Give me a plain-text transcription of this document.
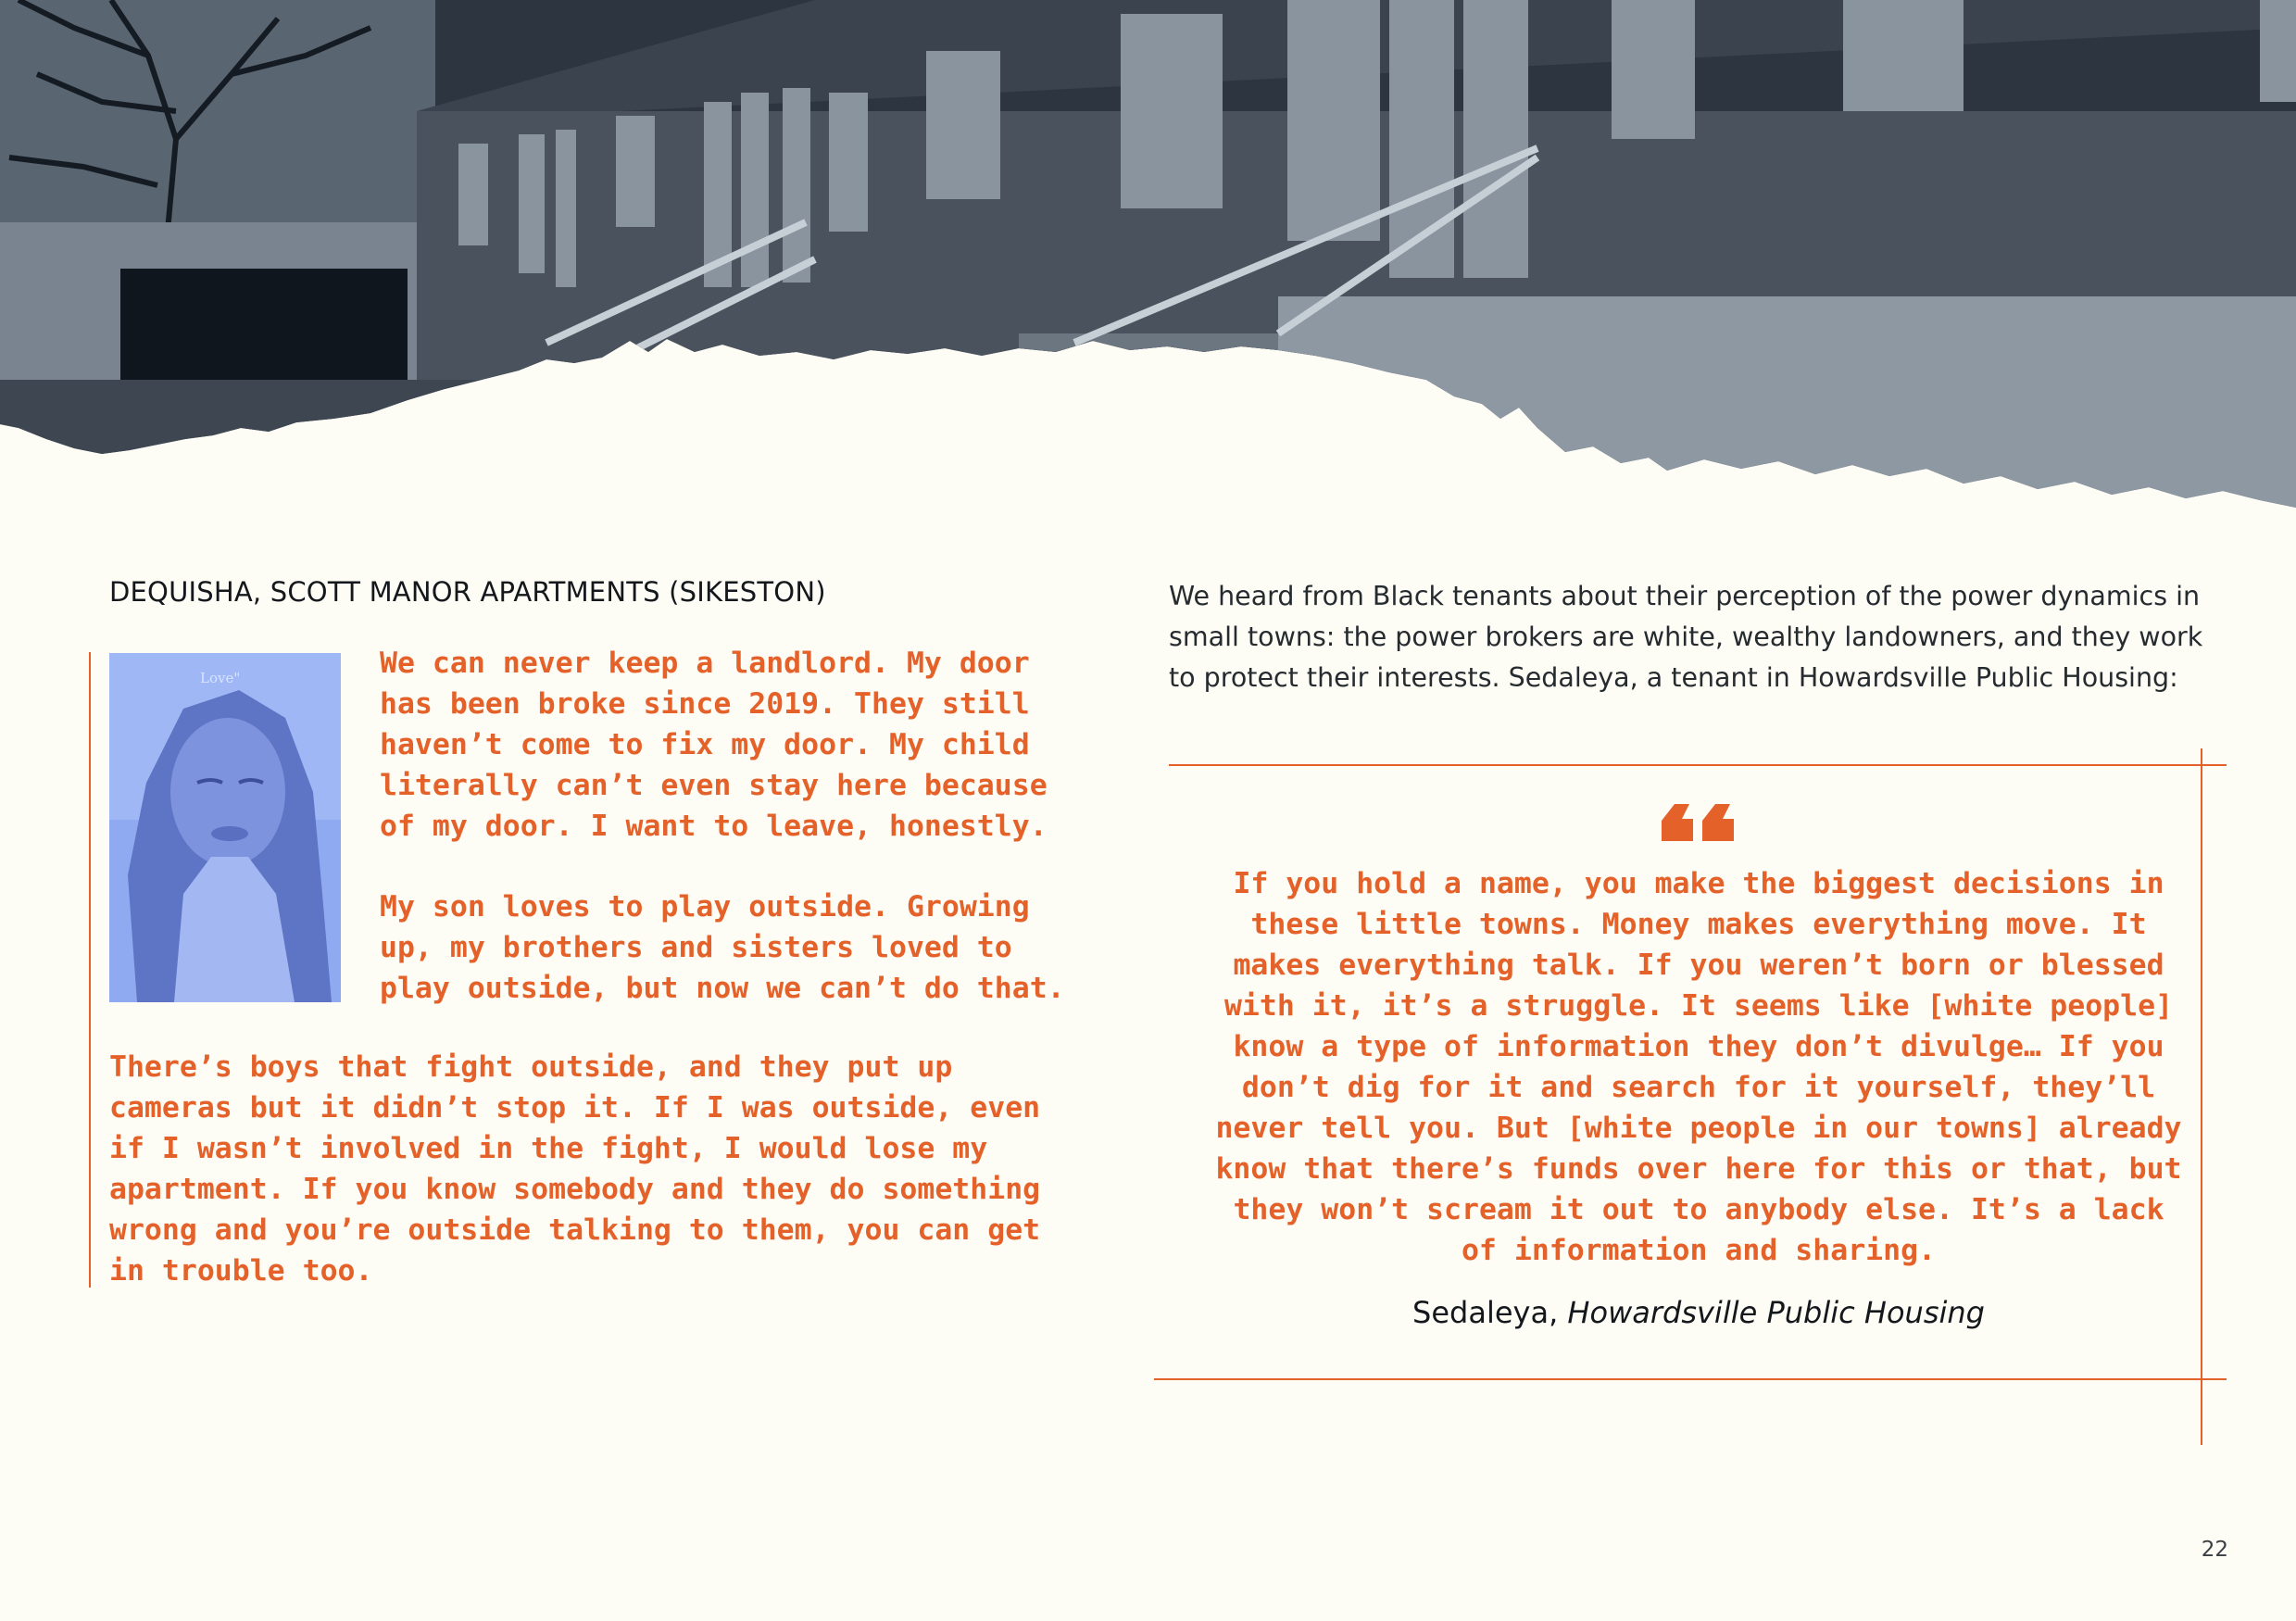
DEQUISHA, SCOTT MANOR APARTMENTS (SIKESTON)
Love"	We can never keep a landlord. My door has been broke since 2019. They still haven’t come to fix my door. My child literally can’t even stay here because of my door. I want to leave, honestly.

My son loves to play outside. Growing up, my brothers and sisters loved to play outside, but now we can’t do that.

There’s boys that fight outside, and they put up cameras but it didn’t stop it. If I was outside, even if I wasn’t involved in the fight, I would lose my apartment. If you know somebody and they do something wrong and you’re outside talking to them, you can get in trouble too.

We heard from Black tenants about their perception of the power dynamics in small towns: the power brokers are white, wealthy landowners, and they work to protect their interests. Sedaleya, a tenant in Howardsville Public Housing:

If you hold a name, you make the biggest decisions in these little towns. Money makes everything move. It makes everything talk. If you weren’t born or blessed with it, it’s a struggle. It seems like [white people] know a type of information they don’t divulge… If you don’t dig for it and search for it yourself, they’ll never tell you. But [white people in our towns] already know that there’s funds over here for this or that, but they won’t scream it out to anybody else. It’s a lack of information and sharing.

Sedaleya, Howardsville Public Housing

22
